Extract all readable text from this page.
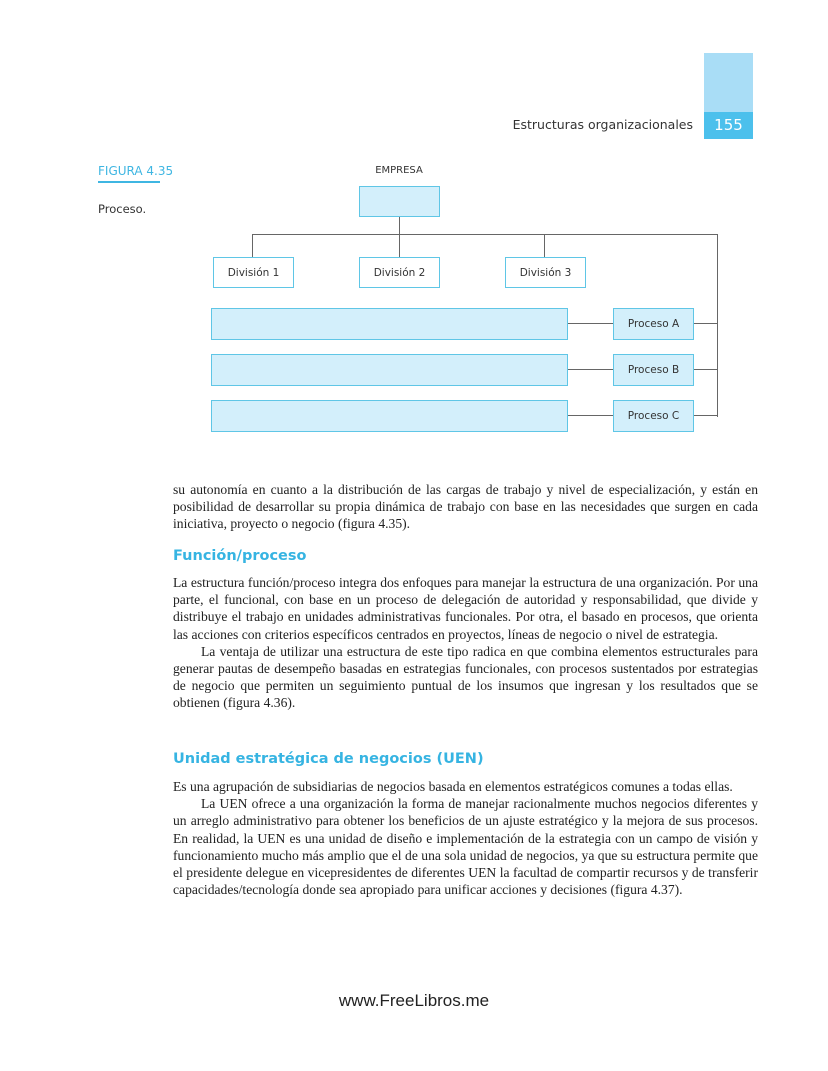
155
Estructuras organizacionales
FIGURA 4.35
Proceso.
EMPRESA
División 1	División 2	División 3
Proceso A
Proceso B
Proceso C

su autonomía en cuanto a la distribución de las cargas de trabajo y nivel de especialización, y están en posibilidad de desarrollar su propia dinámica de trabajo con base en las necesidades que surgen en cada iniciativa, proyecto o negocio (figura 4.35).

Función/proceso

La estructura función/proceso integra dos enfoques para manejar la estructura de una organización. Por una parte, el funcional, con base en un proceso de delegación de autoridad y responsabilidad, que divide y distribuye el trabajo en unidades administrativas funcionales. Por otra, el basado en procesos, que orienta las acciones con criterios específicos centrados en proyectos, líneas de negocio o nivel de estrategia.

La ventaja de utilizar una estructura de este tipo radica en que combina elementos estructurales para generar pautas de desempeño basadas en estrategias funcionales, con procesos sustentados por estrategias de negocio que permiten un seguimiento puntual de los insumos que ingresan y los resultados que se obtienen (figura 4.36).

Unidad estratégica de negocios (UEN)

Es una agrupación de subsidiarias de negocios basada en elementos estratégicos comunes a todas ellas.

La UEN ofrece a una organización la forma de manejar racionalmente muchos negocios diferentes y un arreglo administrativo para obtener los beneficios de un ajuste estratégico y la mejora de sus procesos. En realidad, la UEN es una unidad de diseño e implementación de la estrategia con un campo de visión y funcionamiento mucho más amplio que el de una sola unidad de negocios, ya que su estructura permite que el presidente delegue en vicepresidentes de diferentes UEN la facultad de compartir recursos y de transferir capacidades/tecnología donde sea apropiado para unificar acciones y decisiones (figura 4.37).

www.FreeLibros.me
